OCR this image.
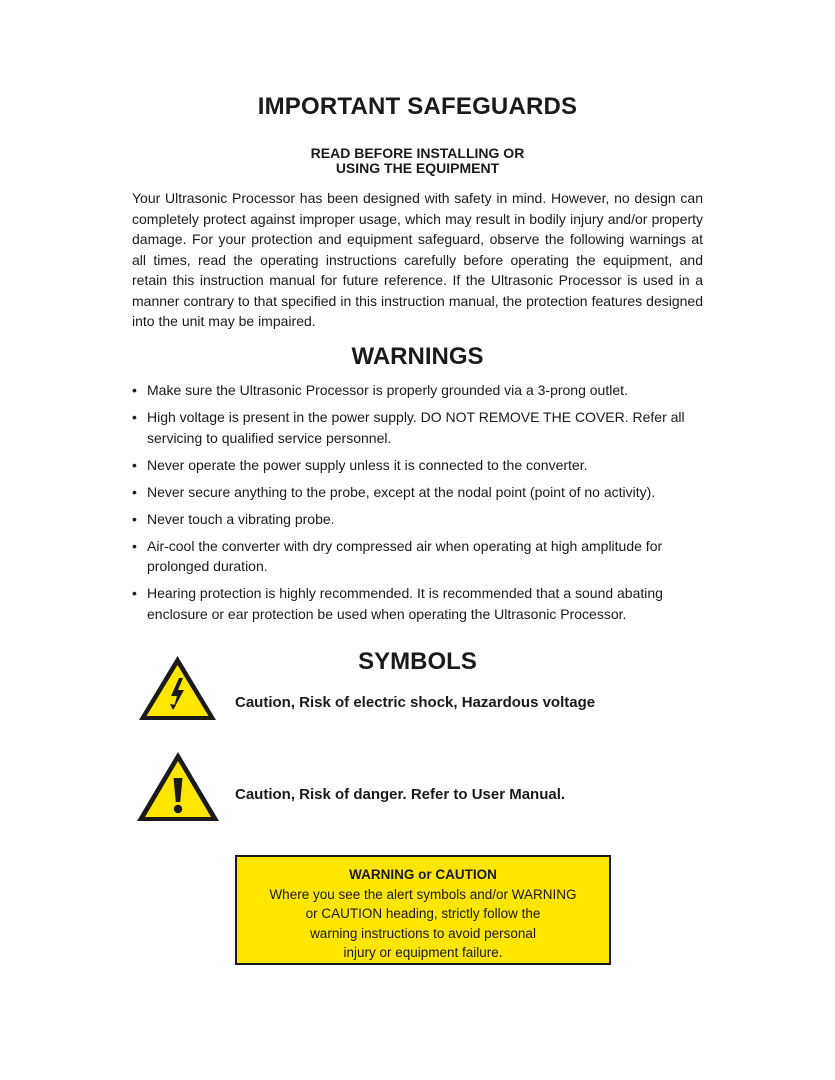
IMPORTANT SAFEGUARDS
READ BEFORE INSTALLING OR
USING THE EQUIPMENT

Your Ultrasonic Processor has been designed with safety in mind. However, no design can completely protect against improper usage, which may result in bodily injury and/or property damage. For your protection and equipment safeguard, observe the following warnings at all times, read the operating instructions carefully before operating the equipment, and retain this instruction manual for future reference. If the Ultrasonic Processor is used in a manner contrary to that specified in this instruction manual, the protection features designed into the unit may be impaired.

WARNINGS
• Make sure the Ultrasonic Processor is properly grounded via a 3-prong outlet.
• High voltage is present in the power supply. DO NOT REMOVE THE COVER. Refer all servicing to qualified service personnel.
• Never operate the power supply unless it is connected to the converter.
• Never secure anything to the probe, except at the nodal point (point of no activity).
• Never touch a vibrating probe.
• Air-cool the converter with dry compressed air when operating at high amplitude for prolonged duration.
• Hearing protection is highly recommended. It is recommended that a sound abating enclosure or ear protection be used when operating the Ultrasonic Processor.
SYMBOLS
Caution, Risk of electric shock, Hazardous voltage
Caution, Risk of danger. Refer to User Manual.
WARNING or CAUTION
Where you see the alert symbols and/or WARNING
or CAUTION heading, strictly follow the
warning instructions to avoid personal
injury or equipment failure.
